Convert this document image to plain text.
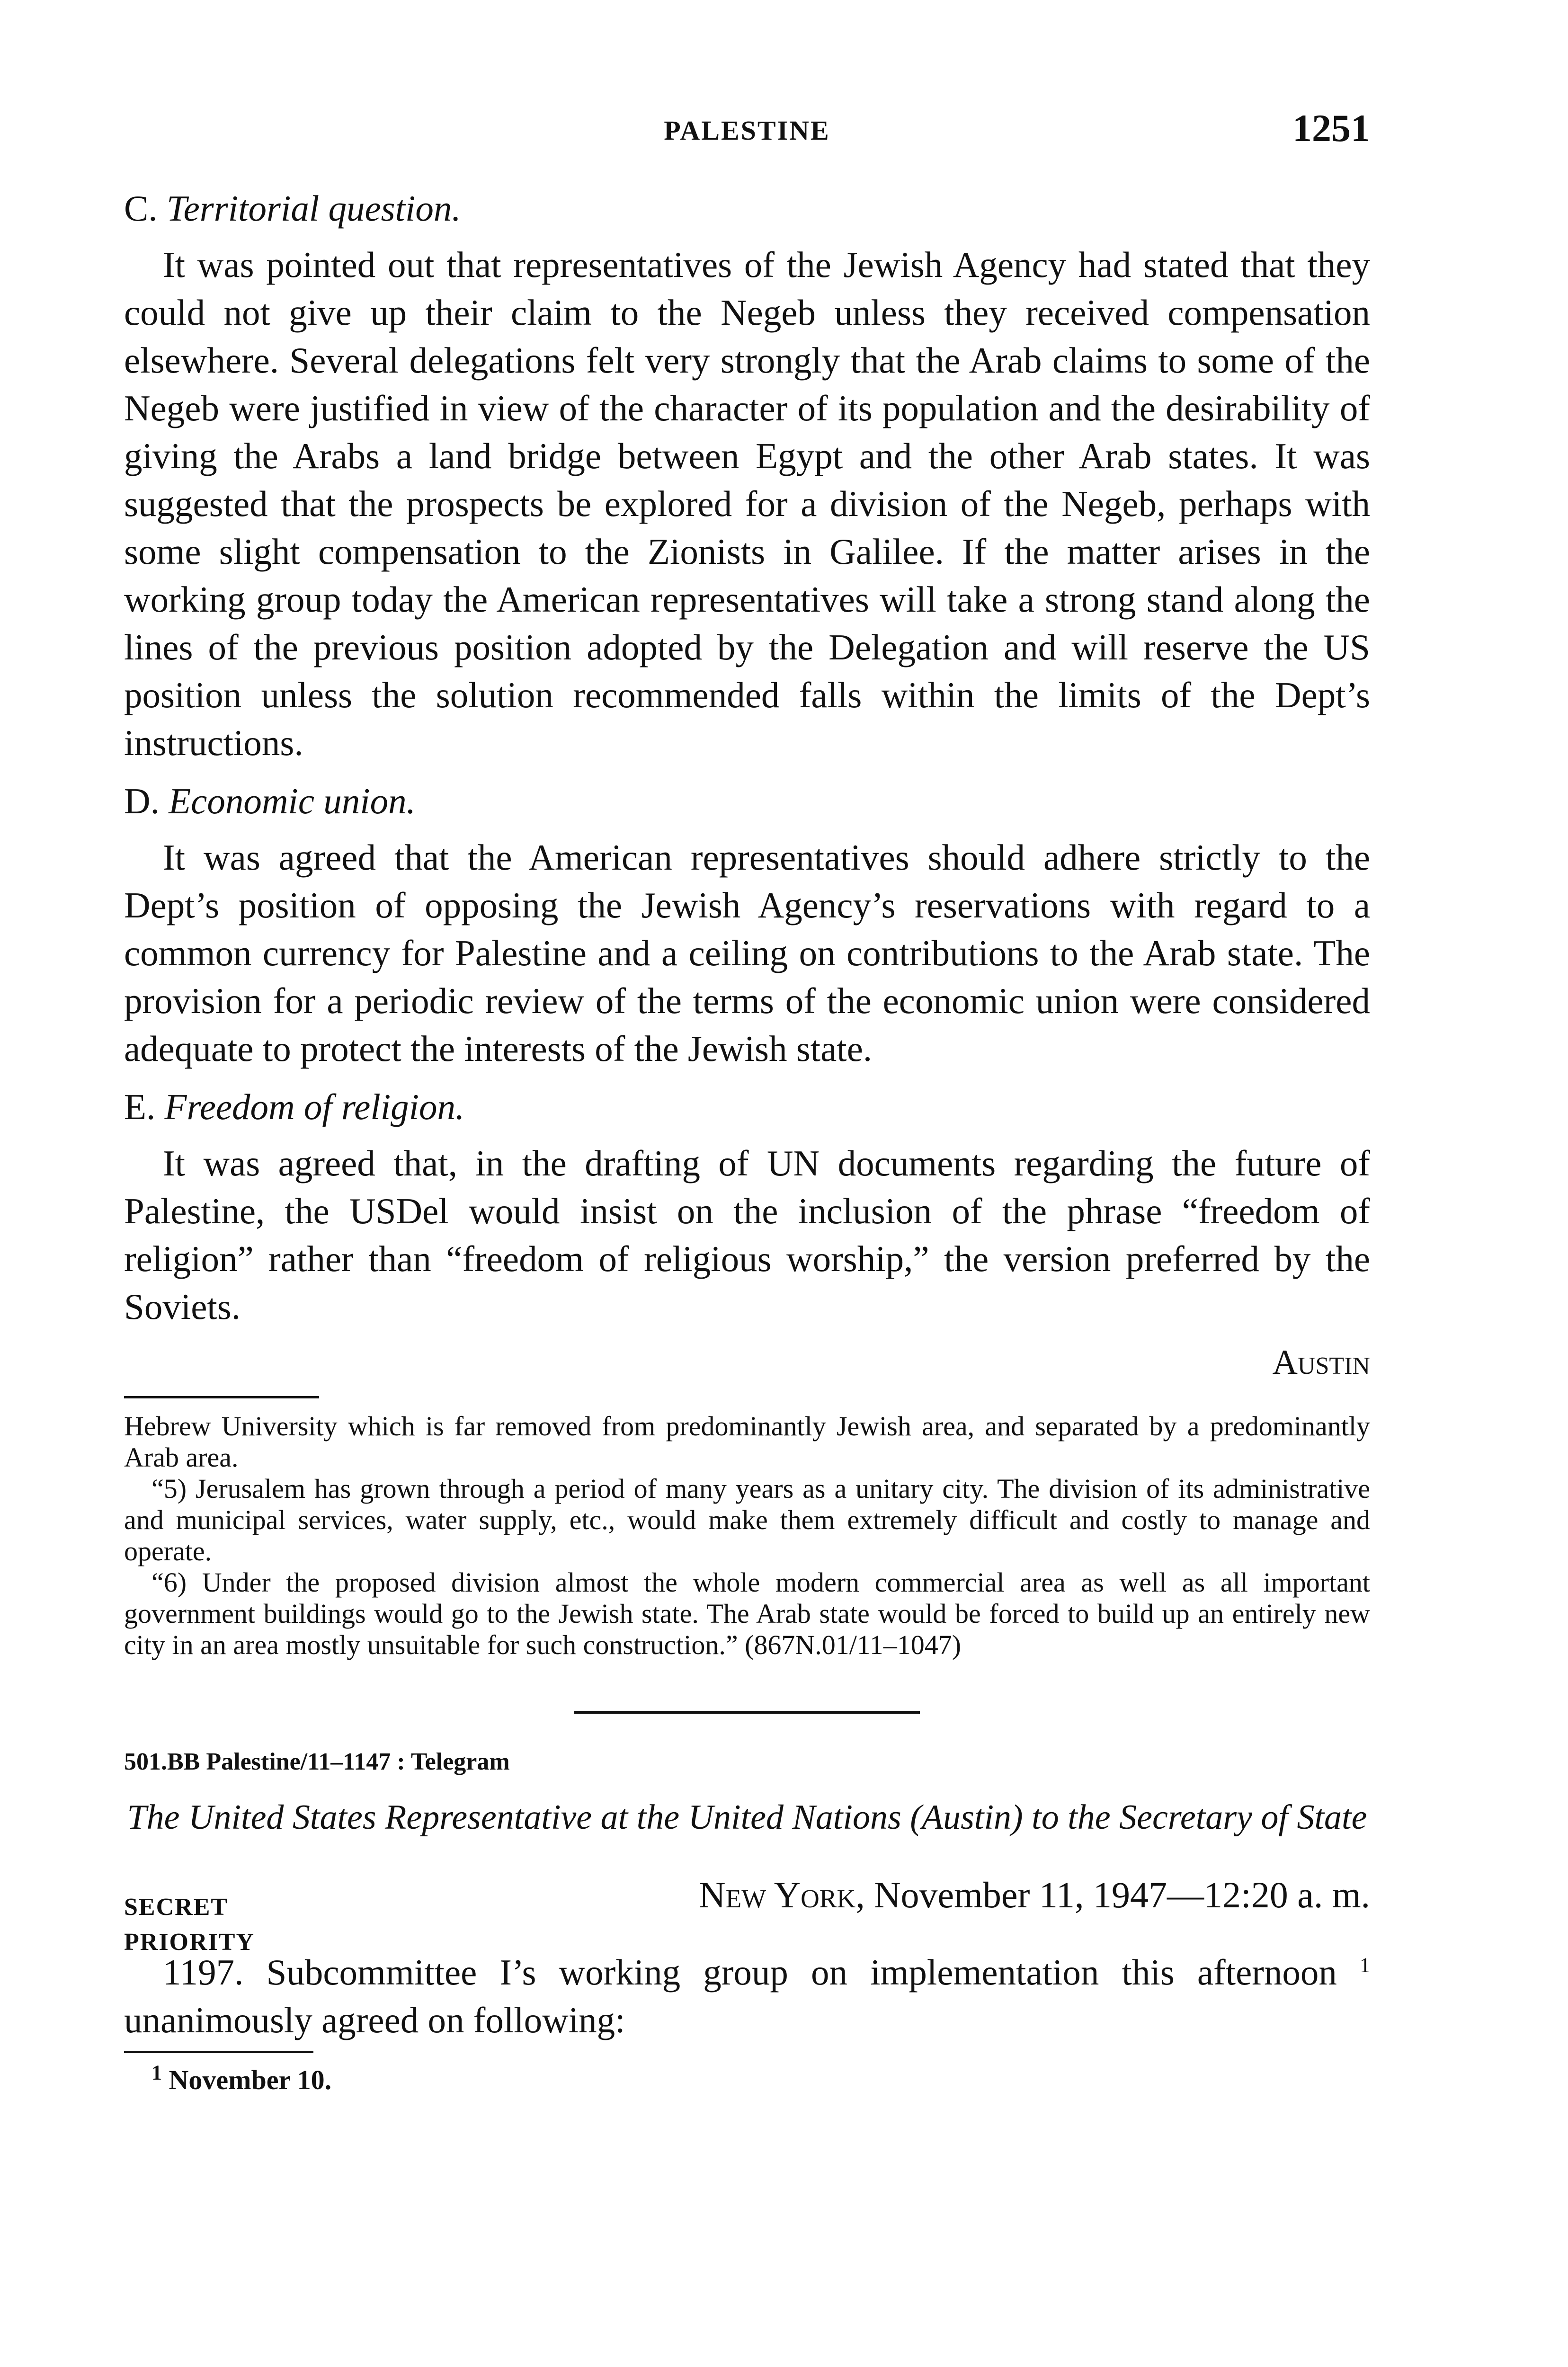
PALESTINE	1251

C. Territorial question.

It was pointed out that representatives of the Jewish Agency had stated that they could not give up their claim to the Negeb unless they received compensation elsewhere. Several delegations felt very strongly that the Arab claims to some of the Negeb were justified in view of the character of its population and the desirability of giving the Arabs a land bridge between Egypt and the other Arab states. It was suggested that the prospects be explored for a division of the Negeb, perhaps with some slight compensation to the Zionists in Galilee. If the matter arises in the working group today the American representatives will take a strong stand along the lines of the previous position adopted by the Delegation and will reserve the US position unless the solution recommended falls within the limits of the Dept’s instructions.

D. Economic union.

It was agreed that the American representatives should adhere strictly to the Dept’s position of opposing the Jewish Agency’s reservations with regard to a common currency for Palestine and a ceiling on contributions to the Arab state. The provision for a periodic review of the terms of the economic union were considered adequate to protect the interests of the Jewish state.

E. Freedom of religion.

It was agreed that, in the drafting of UN documents regarding the future of Palestine, the USDel would insist on the inclusion of the phrase “freedom of religion” rather than “freedom of religious worship,” the version preferred by the Soviets.

Austin

Hebrew University which is far removed from predominantly Jewish area, and separated by a predominantly Arab area.

“5) Jerusalem has grown through a period of many years as a unitary city. The division of its administrative and municipal services, water supply, etc., would make them extremely difficult and costly to manage and operate.

“6) Under the proposed division almost the whole modern commercial area as well as all important government buildings would go to the Jewish state. The Arab state would be forced to build up an entirely new city in an area mostly unsuitable for such construction.” (867N.01/11–1047)

501.BB Palestine/11–1147 : Telegram

The United States Representative at the United Nations (Austin) to the Secretary of State

SECRET
PRIORITY
New York, November 11, 1947—12:20 a. m.

1197. Subcommittee I’s working group on implementation this afternoon $^1$ unanimously agreed on following:

$^1$ November 10.
